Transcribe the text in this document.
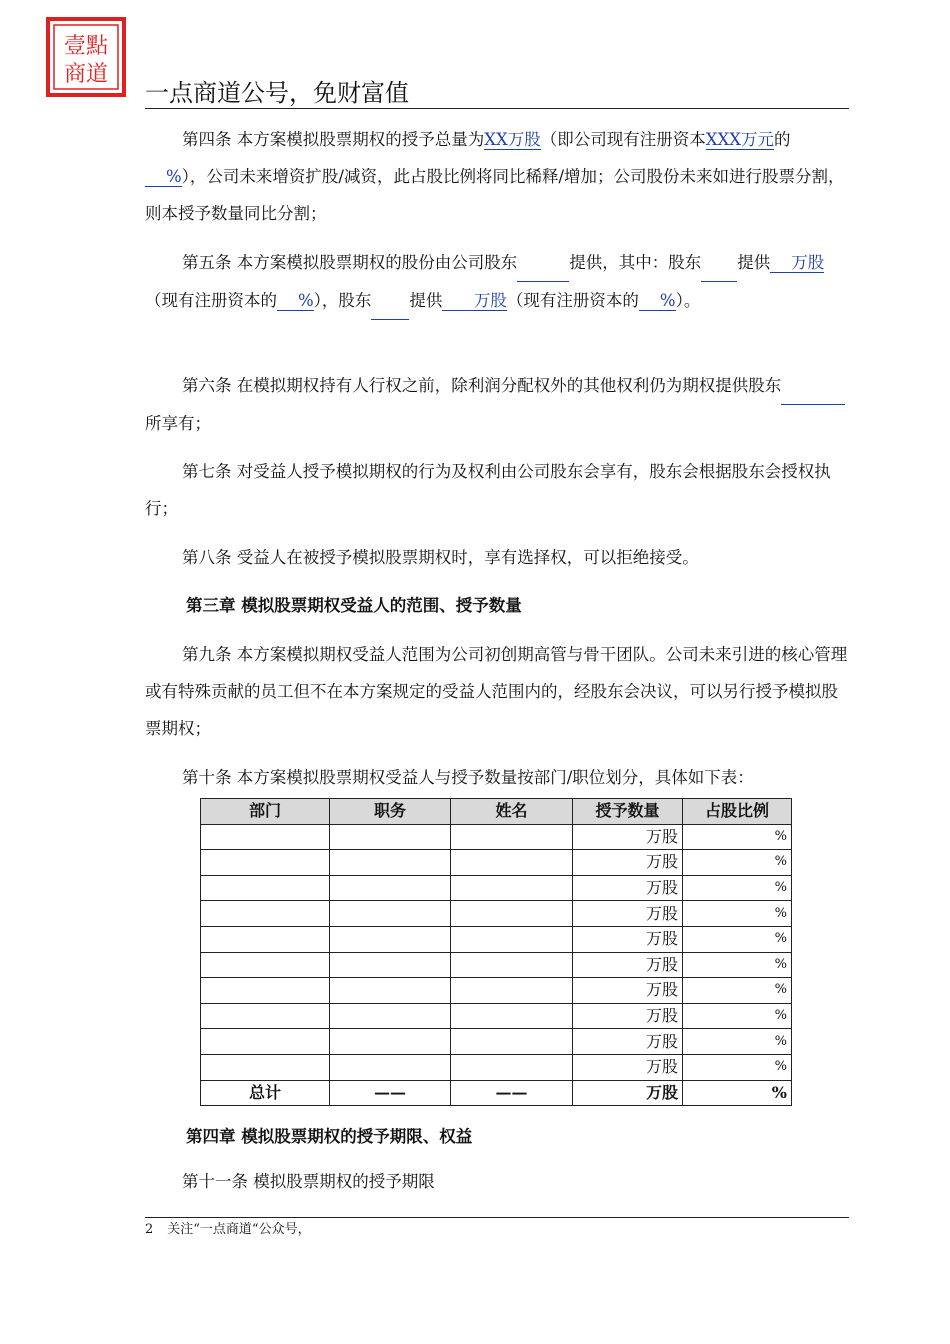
壹點
商道
一点商道公号，免财富值

第四条 本方案模拟股票期权的授予总量为XX万股（即公司现有注册资本XXX万元的    %），公司未来增资扩股/减资，此占股比例将同比稀释/增加；公司股份未来如进行股票分割，则本授予数量同比分割；

第五条 本方案模拟股票期权的股份由公司股东	提供，其中：股东 提供    万股（现有注册资本的    %），股东 提供      万股（现有注册资本的    %）。

第六条 在模拟期权持有人行权之前，除利润分配权外的其他权利仍为期权提供股东 所享有；

第七条 对受益人授予模拟期权的行为及权利由公司股东会享有，股东会根据股东会授权执行；

第八条 受益人在被授予模拟股票期权时，享有选择权，可以拒绝接受。

第三章 模拟股票期权受益人的范围、授予数量

第九条 本方案模拟期权受益人范围为公司初创期高管与骨干团队。公司未来引进的核心管理或有特殊贡献的员工但不在本方案规定的受益人范围内的，经股东会决议，可以另行授予模拟股票期权；

第十条 本方案模拟股票期权受益人与授予数量按部门/职位划分，具体如下表：

部门	职务	姓名	授予数量	占股比例
			万股	%
			万股	%
			万股	%
			万股	%
			万股	%
			万股	%
			万股	%
			万股	%
			万股	%
			万股	%
总计	——	——	万股	%
第四章 模拟股票期权的授予期限、权益

第十一条 模拟股票期权的授予期限

2 关注“一点商道“公众号，
